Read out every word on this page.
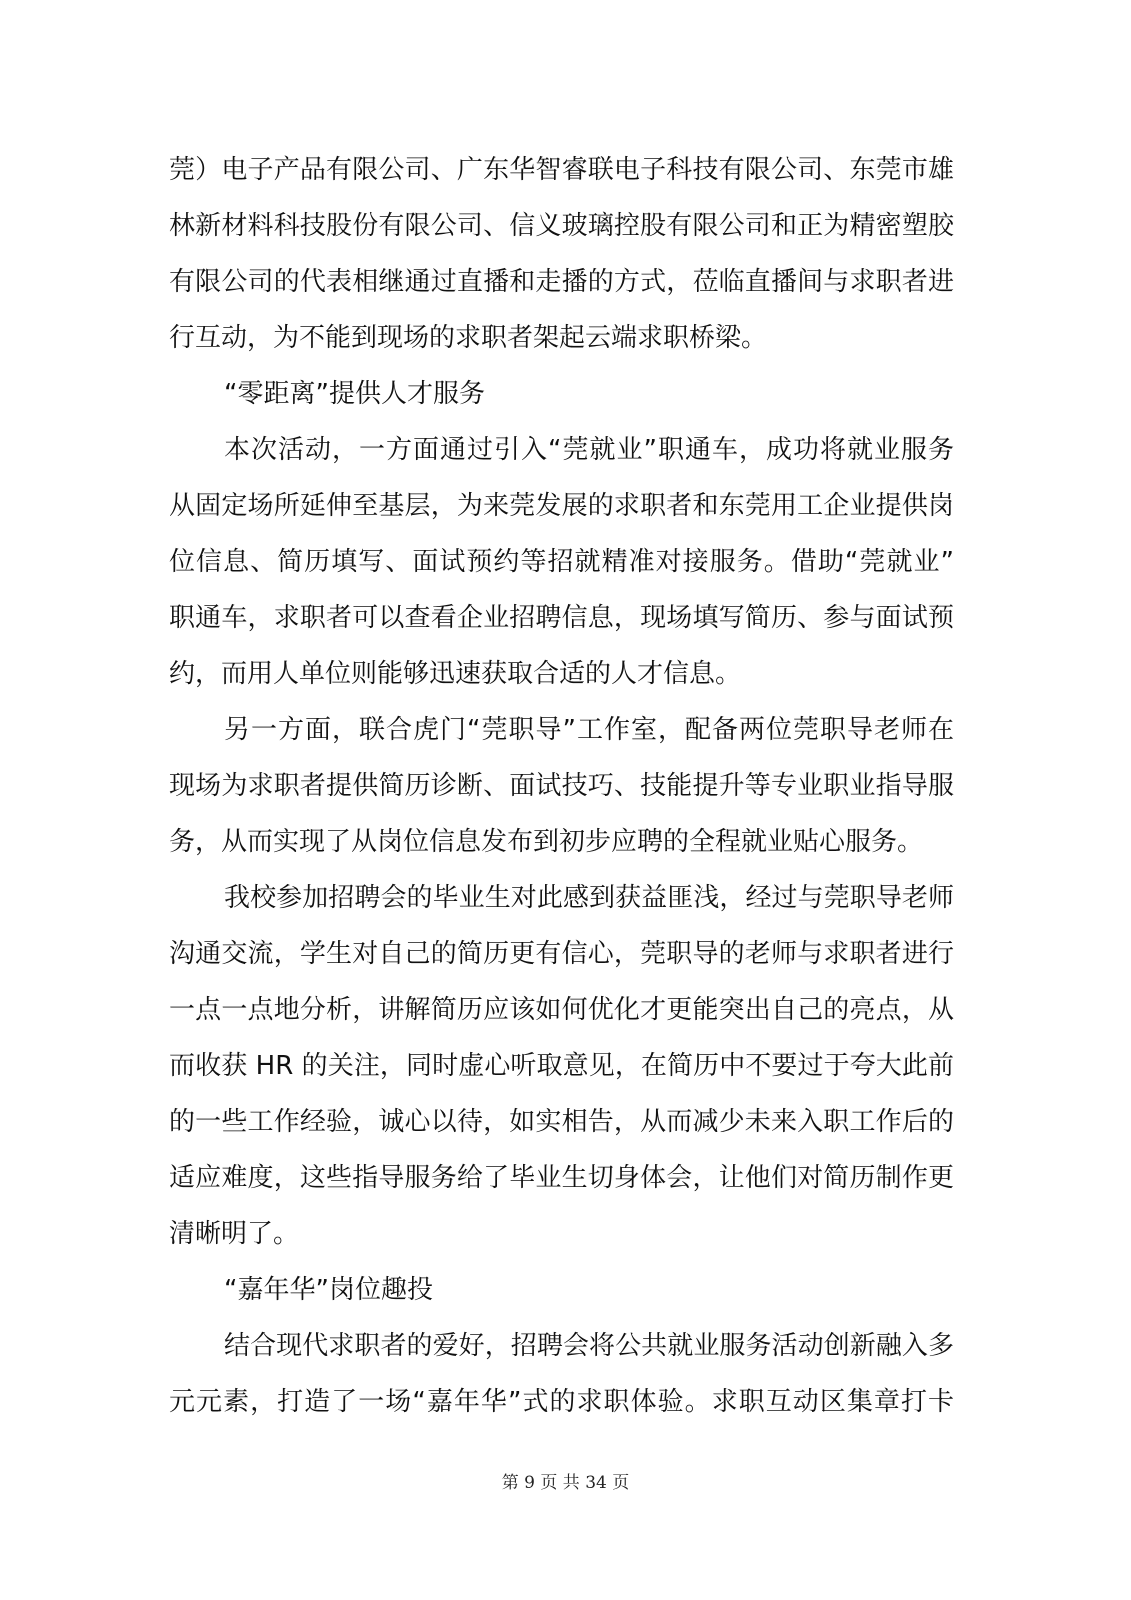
莞）电子产品有限公司、广东华智睿联电子科技有限公司、东莞市雄
林新材料科技股份有限公司、信义玻璃控股有限公司和正为精密塑胶
有限公司的代表相继通过直播和走播的方式，莅临直播间与求职者进
行互动，为不能到现场的求职者架起云端求职桥梁。
“零距离”提供人才服务
本次活动，一方面通过引入“莞就业”职通车，成功将就业服务
从固定场所延伸至基层，为来莞发展的求职者和东莞用工企业提供岗
位信息、简历填写、面试预约等招就精准对接服务。借助“莞就业”
职通车，求职者可以查看企业招聘信息，现场填写简历、参与面试预
约，而用人单位则能够迅速获取合适的人才信息。
另一方面，联合虎门“莞职导”工作室，配备两位莞职导老师在
现场为求职者提供简历诊断、面试技巧、技能提升等专业职业指导服
务，从而实现了从岗位信息发布到初步应聘的全程就业贴心服务。
我校参加招聘会的毕业生对此感到获益匪浅，经过与莞职导老师
沟通交流，学生对自己的简历更有信心，莞职导的老师与求职者进行
一点一点地分析，讲解简历应该如何优化才更能突出自己的亮点，从
而收获 HR 的关注，同时虚心听取意见，在简历中不要过于夸大此前
的一些工作经验，诚心以待，如实相告，从而减少未来入职工作后的
适应难度，这些指导服务给了毕业生切身体会，让他们对简历制作更
清晰明了。
“嘉年华”岗位趣投
结合现代求职者的爱好，招聘会将公共就业服务活动创新融入多
元元素，打造了一场“嘉年华”式的求职体验。求职互动区集章打卡
第 9 页 共 34 页
